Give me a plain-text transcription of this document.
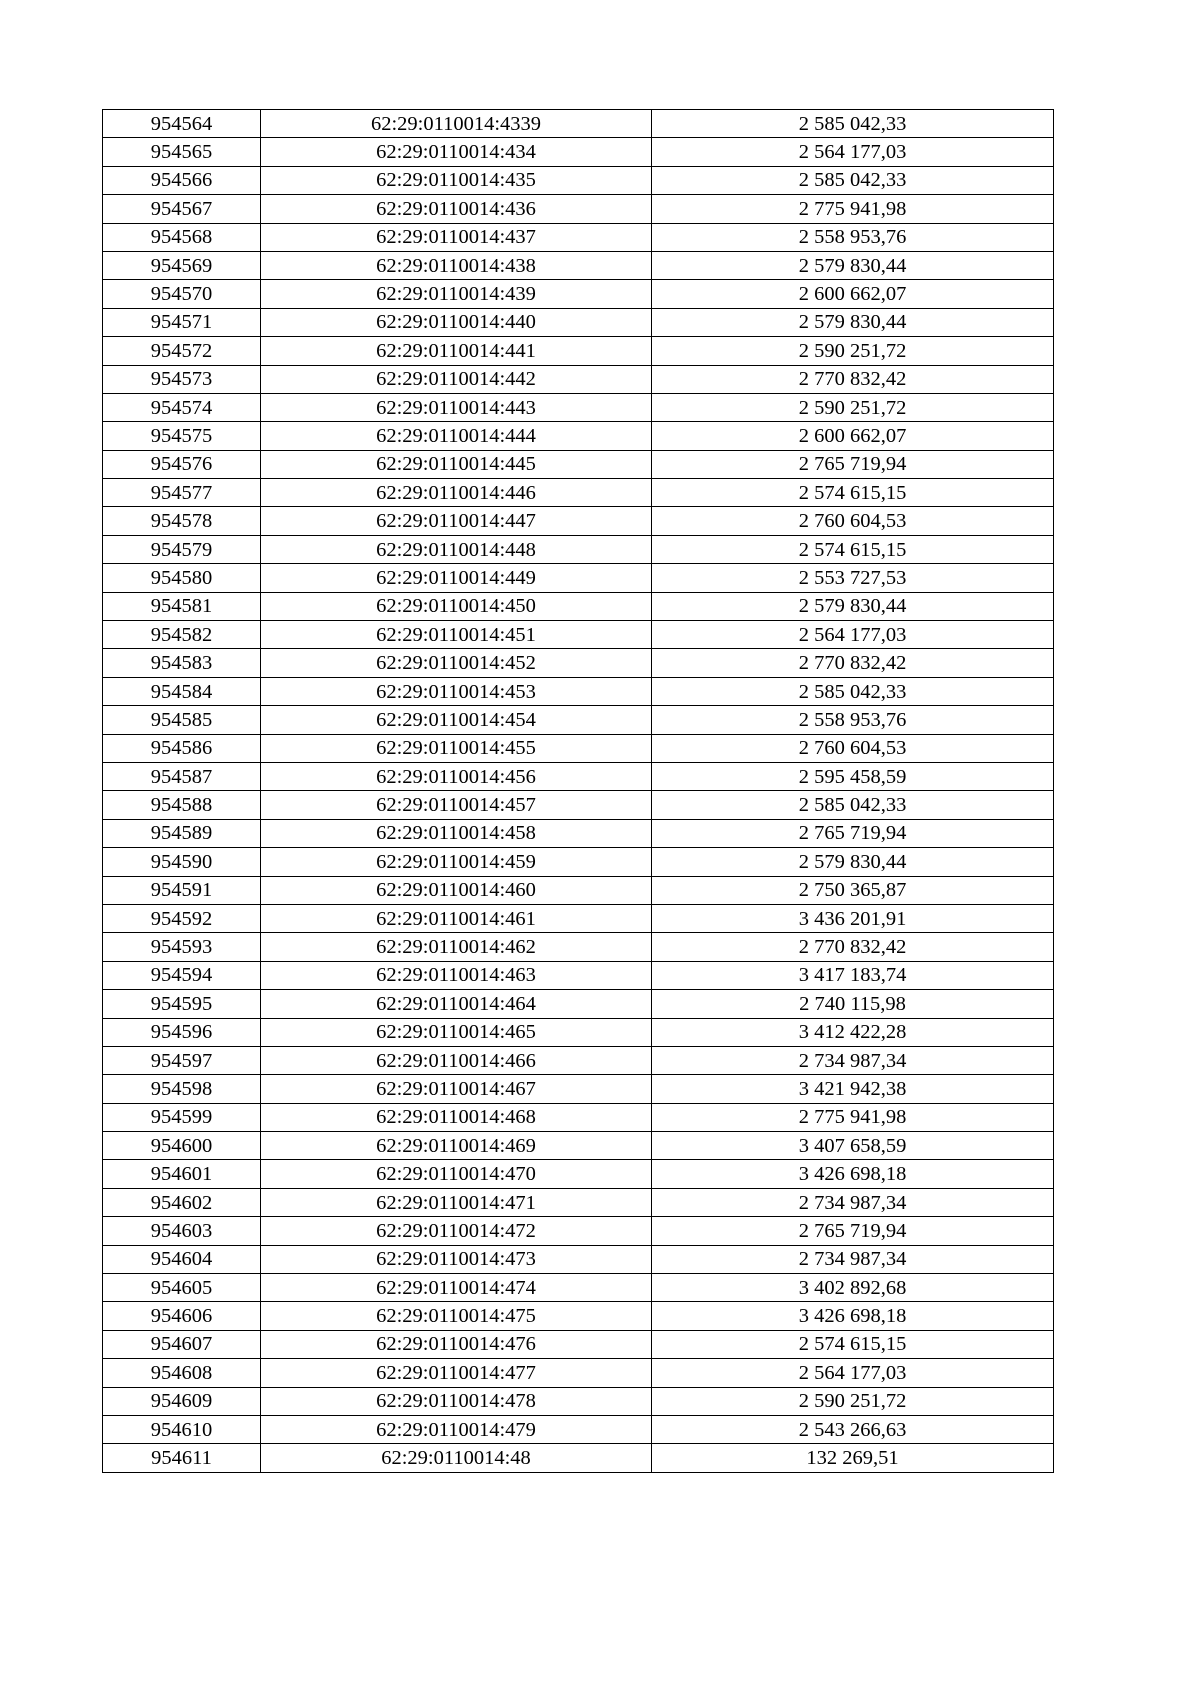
954564	62:29:0110014:4339	2 585 042,33
954565	62:29:0110014:434	2 564 177,03
954566	62:29:0110014:435	2 585 042,33
954567	62:29:0110014:436	2 775 941,98
954568	62:29:0110014:437	2 558 953,76
954569	62:29:0110014:438	2 579 830,44
954570	62:29:0110014:439	2 600 662,07
954571	62:29:0110014:440	2 579 830,44
954572	62:29:0110014:441	2 590 251,72
954573	62:29:0110014:442	2 770 832,42
954574	62:29:0110014:443	2 590 251,72
954575	62:29:0110014:444	2 600 662,07
954576	62:29:0110014:445	2 765 719,94
954577	62:29:0110014:446	2 574 615,15
954578	62:29:0110014:447	2 760 604,53
954579	62:29:0110014:448	2 574 615,15
954580	62:29:0110014:449	2 553 727,53
954581	62:29:0110014:450	2 579 830,44
954582	62:29:0110014:451	2 564 177,03
954583	62:29:0110014:452	2 770 832,42
954584	62:29:0110014:453	2 585 042,33
954585	62:29:0110014:454	2 558 953,76
954586	62:29:0110014:455	2 760 604,53
954587	62:29:0110014:456	2 595 458,59
954588	62:29:0110014:457	2 585 042,33
954589	62:29:0110014:458	2 765 719,94
954590	62:29:0110014:459	2 579 830,44
954591	62:29:0110014:460	2 750 365,87
954592	62:29:0110014:461	3 436 201,91
954593	62:29:0110014:462	2 770 832,42
954594	62:29:0110014:463	3 417 183,74
954595	62:29:0110014:464	2 740 115,98
954596	62:29:0110014:465	3 412 422,28
954597	62:29:0110014:466	2 734 987,34
954598	62:29:0110014:467	3 421 942,38
954599	62:29:0110014:468	2 775 941,98
954600	62:29:0110014:469	3 407 658,59
954601	62:29:0110014:470	3 426 698,18
954602	62:29:0110014:471	2 734 987,34
954603	62:29:0110014:472	2 765 719,94
954604	62:29:0110014:473	2 734 987,34
954605	62:29:0110014:474	3 402 892,68
954606	62:29:0110014:475	3 426 698,18
954607	62:29:0110014:476	2 574 615,15
954608	62:29:0110014:477	2 564 177,03
954609	62:29:0110014:478	2 590 251,72
954610	62:29:0110014:479	2 543 266,63
954611	62:29:0110014:48	132 269,51
